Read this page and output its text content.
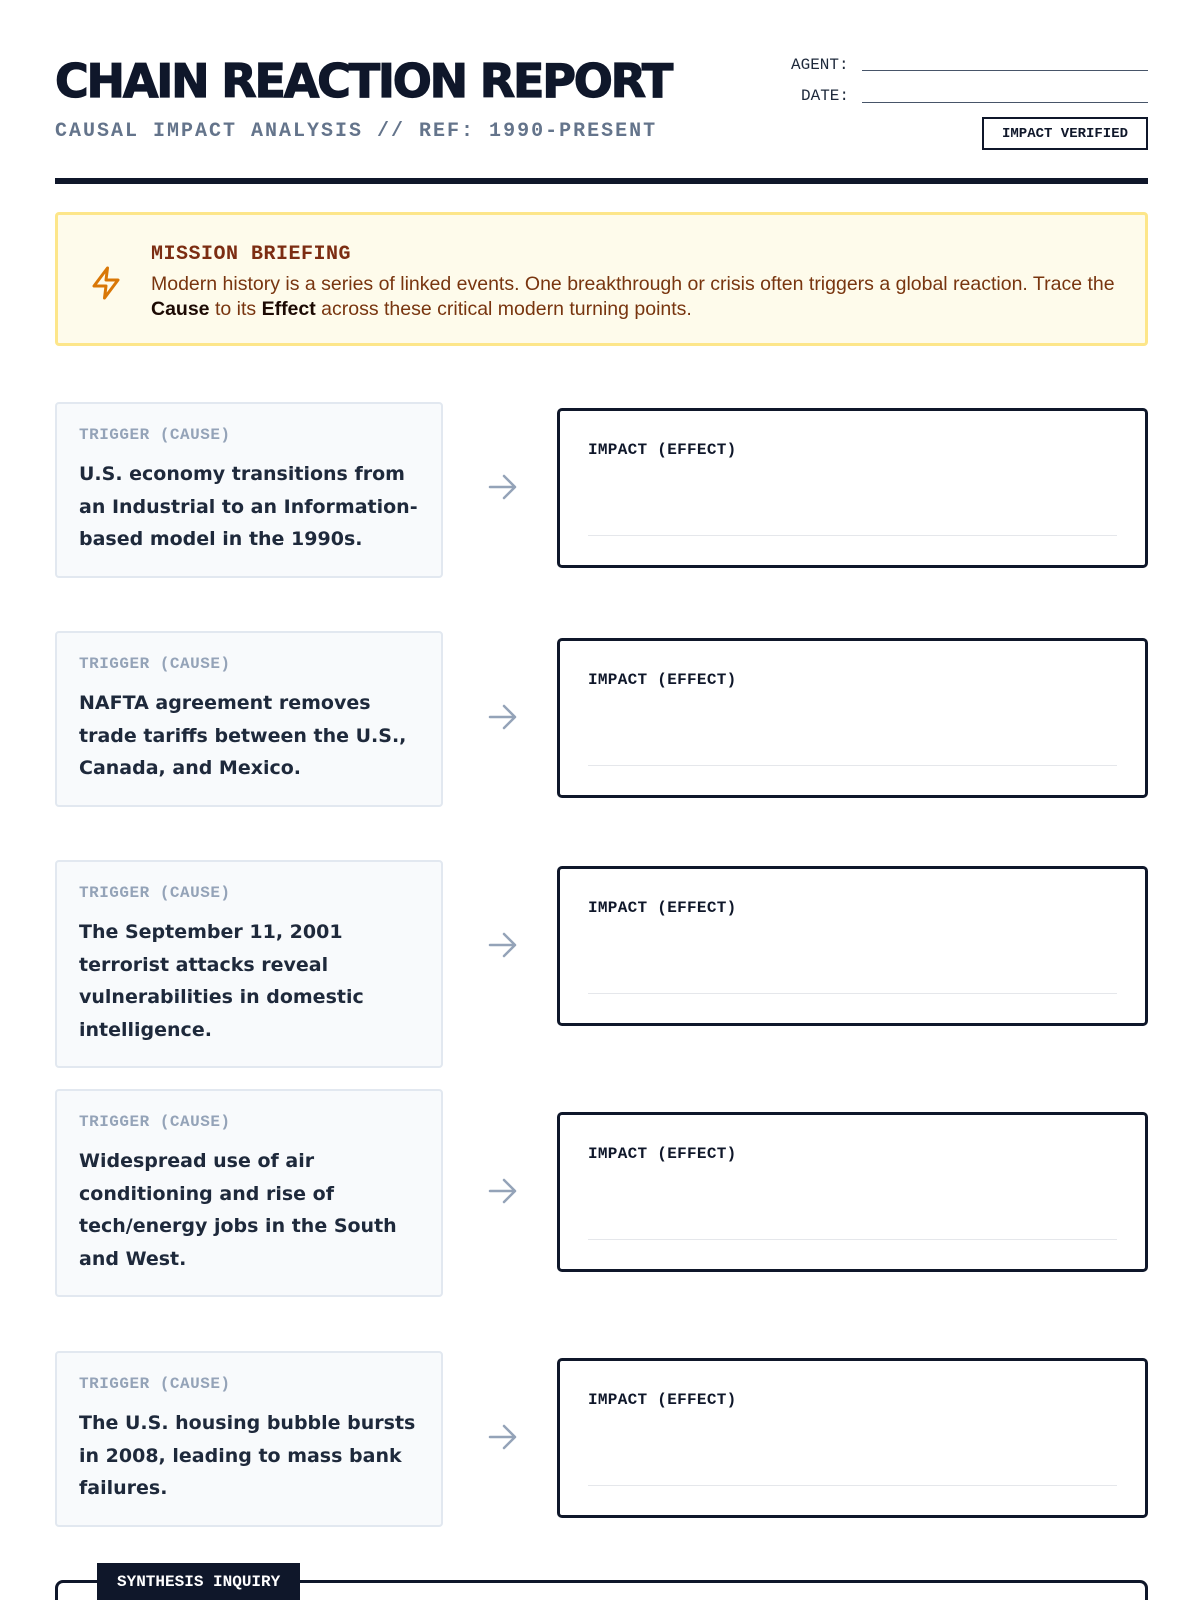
CHAIN REACTION REPORT
CAUSAL IMPACT ANALYSIS // REF: 1990-PRESENT
AGENT:
DATE:
IMPACT VERIFIED
MISSION BRIEFING
Modern history is a series of linked events. One breakthrough or crisis often triggers a global reaction. Trace the Cause to its Effect across these critical modern turning points.
TRIGGER (CAUSE)
U.S. economy transitions from an Industrial to an Information-based model in the 1990s.
IMPACT (EFFECT)
TRIGGER (CAUSE)
NAFTA agreement removes trade tariffs between the U.S., Canada, and Mexico.
IMPACT (EFFECT)
TRIGGER (CAUSE)
The September 11, 2001 terrorist attacks reveal vulnerabilities in domestic intelligence.
IMPACT (EFFECT)
TRIGGER (CAUSE)
Widespread use of air conditioning and rise of tech/energy jobs in the South and West.
IMPACT (EFFECT)
TRIGGER (CAUSE)
The U.S. housing bubble bursts in 2008, leading to mass bank failures.
IMPACT (EFFECT)
SYNTHESIS INQUIRY
